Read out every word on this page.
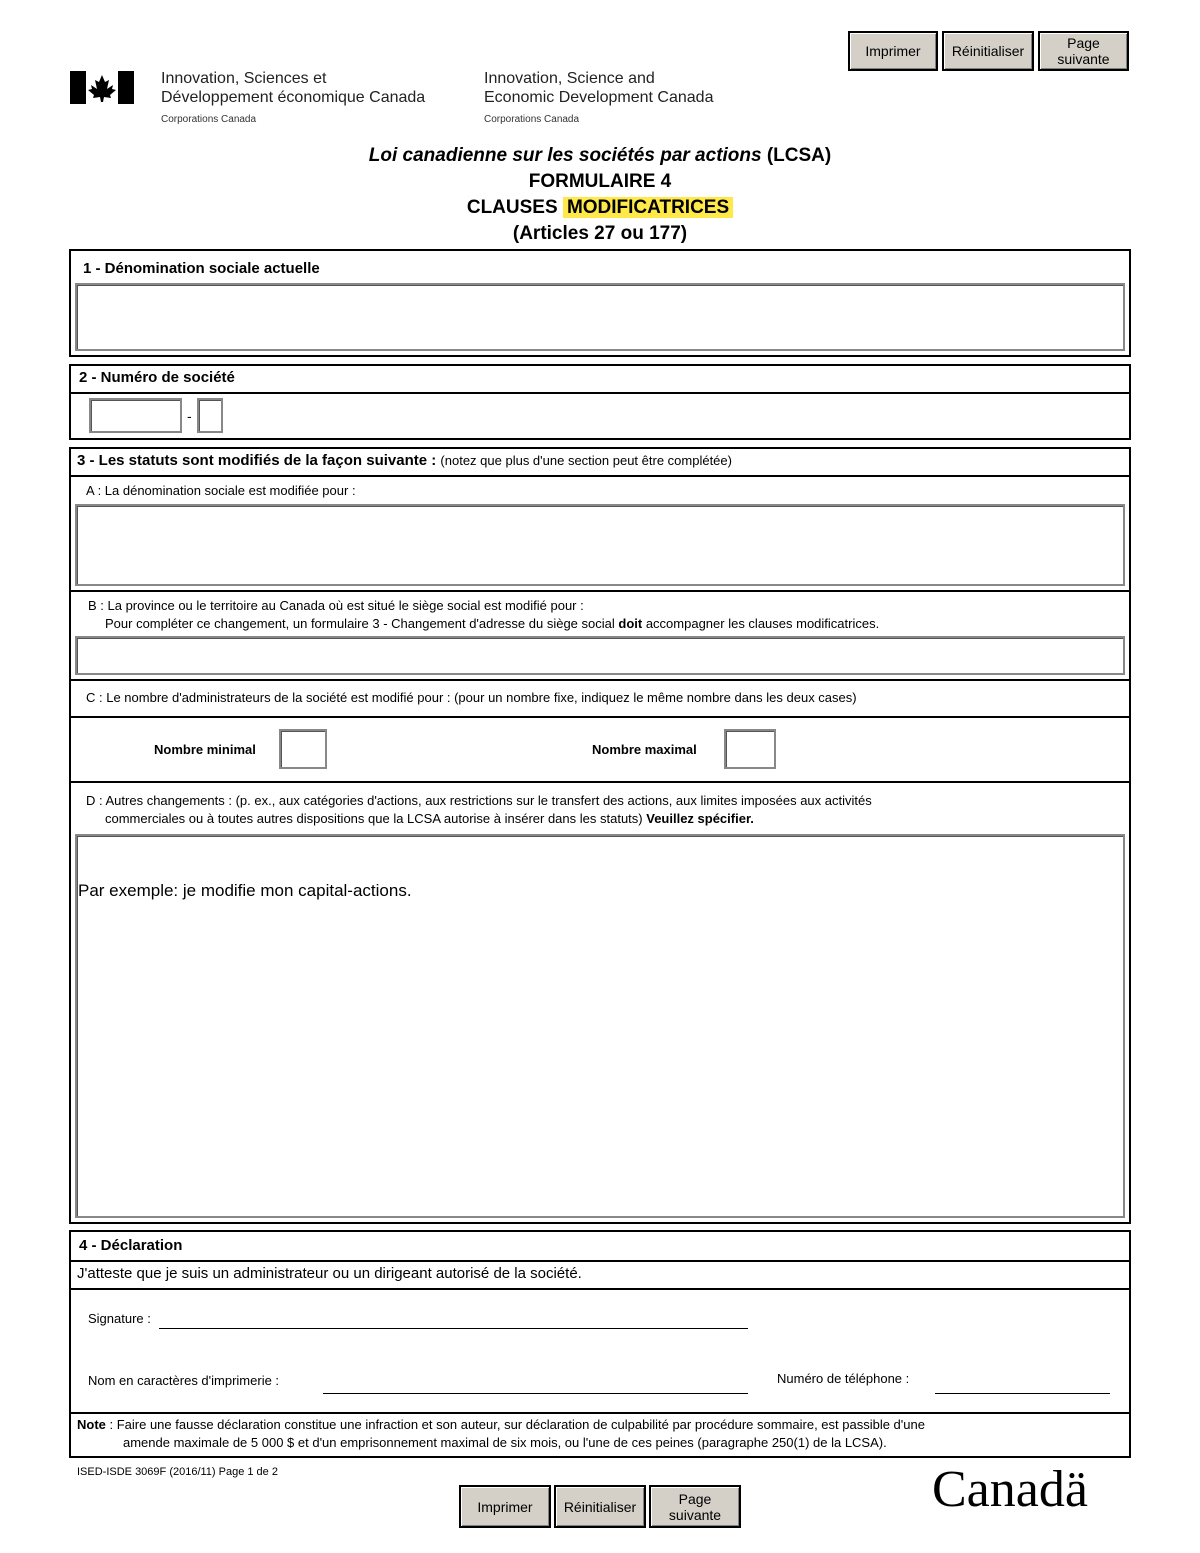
Imprimer Réinitialiser	Page
suivante
Innovation, Sciences et
Développement économique Canada
Corporations Canada
Innovation, Science and
Economic Development Canada
Corporations Canada
Loi canadienne sur les sociétés par actions (LCSA)
FORMULAIRE 4
CLAUSES MODIFICATRICES
(Articles 27 ou 177)
1 - Dénomination sociale actuelle
2 - Numéro de société
-
3 - Les statuts sont modifiés de la façon suivante : (notez que plus d'une section peut être complétée)
A : La dénomination sociale est modifiée pour :
B : La province ou le territoire au Canada où est situé le siège social est modifié pour :
Pour compléter ce changement, un formulaire 3 - Changement d'adresse du siège social doit accompagner les clauses modificatrices.
C : Le nombre d'administrateurs de la société est modifié pour : (pour un nombre fixe, indiquez le même nombre dans les deux cases)
Nombre minimal	Nombre maximal
D : Autres changements : (p. ex., aux catégories d'actions, aux restrictions sur le transfert des actions, aux limites imposées aux activités
commerciales ou à toutes autres dispositions que la LCSA autorise à insérer dans les statuts) Veuillez spécifier.
Par exemple: je modifie mon capital-actions.
4 - Déclaration
J'atteste que je suis un administrateur ou un dirigeant autorisé de la société.
Signature :
Nom en caractères d'imprimerie :	Numéro de téléphone :
Note : Faire une fausse déclaration constitue une infraction et son auteur, sur déclaration de culpabilité par procédure sommaire, est passible d'une
amende maximale de 5 000 $ et d'un emprisonnement maximal de six mois, ou l'une de ces peines (paragraphe 250(1) de la LCSA).
ISED-ISDE 3069F (2016/11) Page 1 de 2
Imprimer Réinitialiser	Page
suivante	Canadä
